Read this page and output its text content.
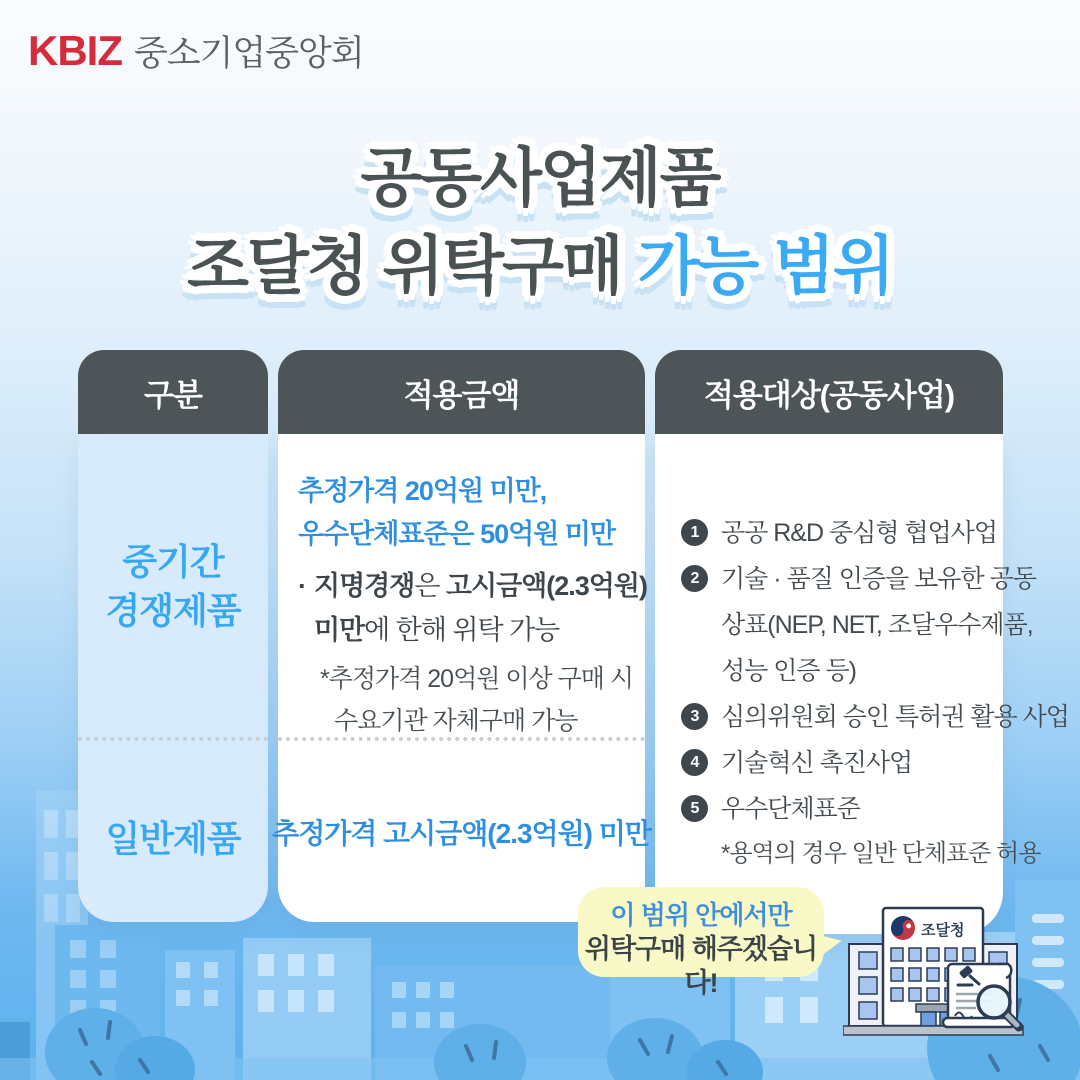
KBIZ 중소기업중앙회
공동사업제품
조달청 위탁구매 가능 범위
구분	적용금액	적용대상(공동사업)
중기간
경쟁제품
일반제품
추정가격 20억원 미만,
우수단체표준은 50억원 미만
· 지명경쟁은 고시금액(2.3억원)
미만에 한해 위탁 가능
*추정가격 20억원 이상 구매 시
수요기관 자체구매 가능
추정가격 고시금액(2.3억원) 미만
1 공공 R&D 중심형 협업사업
2 기술 · 품질 인증을 보유한 공동
상표(NEP, NET, 조달우수제품,
성능 인증 등)
3 심의위원회 승인 특허권 활용 사업
4 기술혁신 촉진사업
5 우수단체표준
*용역의 경우 일반 단체표준 허용
이 범위 안에서만
위탁구매 해주겠습니다!
조달청
